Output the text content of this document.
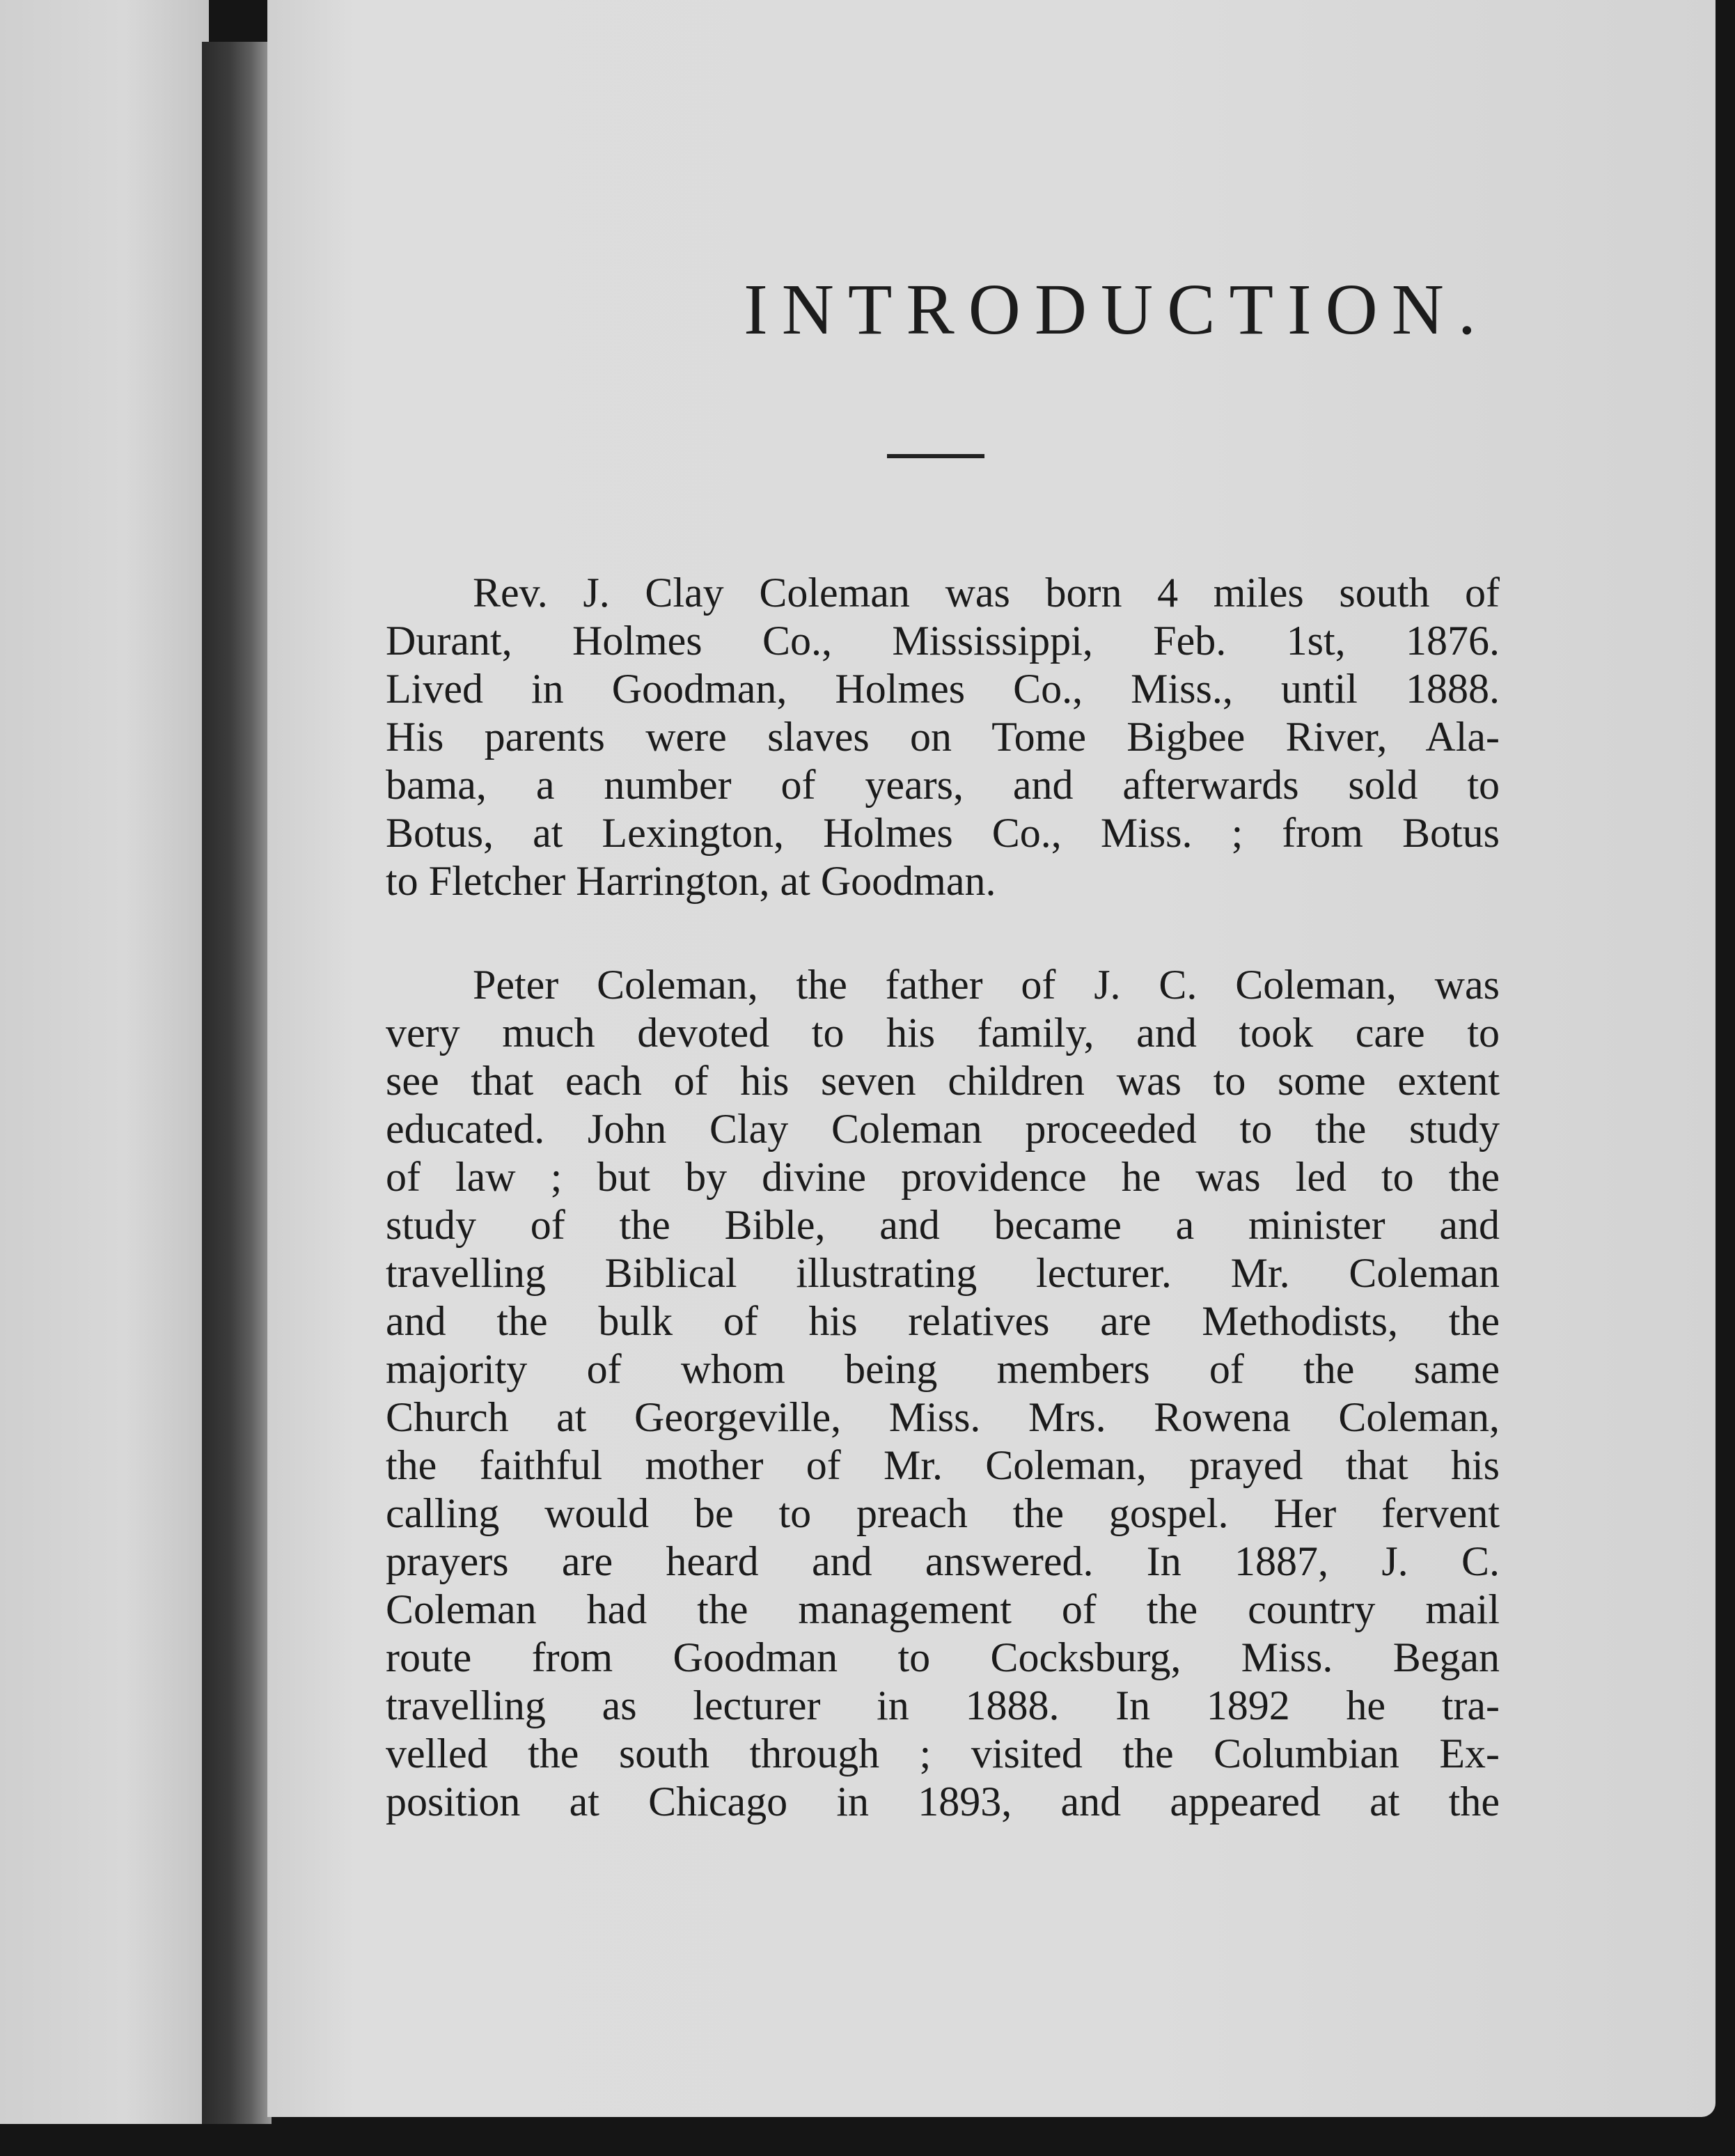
INTRODUCTION.
Rev. J. Clay Coleman was born 4 miles south of
Durant, Holmes Co., Mississippi, Feb. 1st, 1876.
Lived in Goodman, Holmes Co., Miss., until 1888.
His parents were slaves on Tome Bigbee River, Ala-
bama, a number of years, and afterwards sold to
Botus, at Lexington, Holmes Co., Miss. ; from Botus
to Fletcher Harrington, at Goodman.
Peter Coleman, the father of J. C. Coleman, was
very much devoted to his family, and took care to
see that each of his seven children was to some extent
educated. John Clay Coleman proceeded to the study
of law ; but by divine providence he was led to the
study of the Bible, and became a minister and
travelling Biblical illustrating lecturer. Mr. Coleman
and the bulk of his relatives are Methodists, the
majority of whom being members of the same
Church at Georgeville, Miss. Mrs. Rowena Coleman,
the faithful mother of Mr. Coleman, prayed that his
calling would be to preach the gospel. Her fervent
prayers are heard and answered. In 1887, J. C.
Coleman had the management of the country mail
route from Goodman to Cocksburg, Miss. Began
travelling as lecturer in 1888. In 1892 he tra-
velled the south through ; visited the Columbian Ex-
position at Chicago in 1893, and appeared at the
